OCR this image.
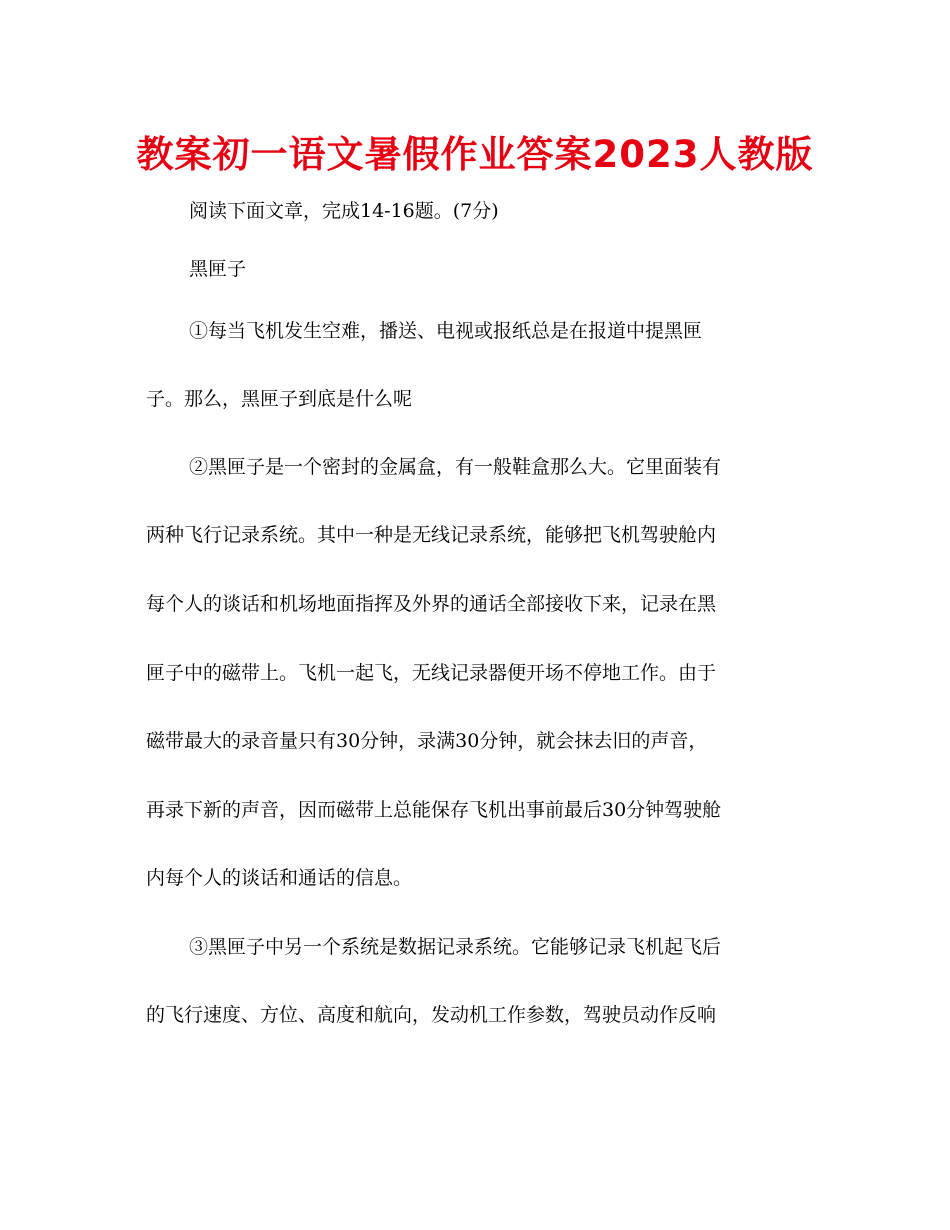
教案初一语文暑假作业答案2023人教版

阅读下面文章，完成14-16题。(7分)

黑匣子

①每当飞机发生空难，播送、电视或报纸总是在报道中提黑匣

子。那么，黑匣子到底是什么呢

②黑匣子是一个密封的金属盒，有一般鞋盒那么大。它里面装有

两种飞行记录系统。其中一种是无线记录系统，能够把飞机驾驶舱内

每个人的谈话和机场地面指挥及外界的通话全部接收下来，记录在黑

匣子中的磁带上。飞机一起飞，无线记录器便开场不停地工作。由于

磁带最大的录音量只有30分钟，录满30分钟，就会抹去旧的声音，

再录下新的声音，因而磁带上总能保存飞机出事前最后30分钟驾驶舱

内每个人的谈话和通话的信息。

③黑匣子中另一个系统是数据记录系统。它能够记录飞机起飞后

的飞行速度、方位、高度和航向，发动机工作参数，驾驶员动作反响
